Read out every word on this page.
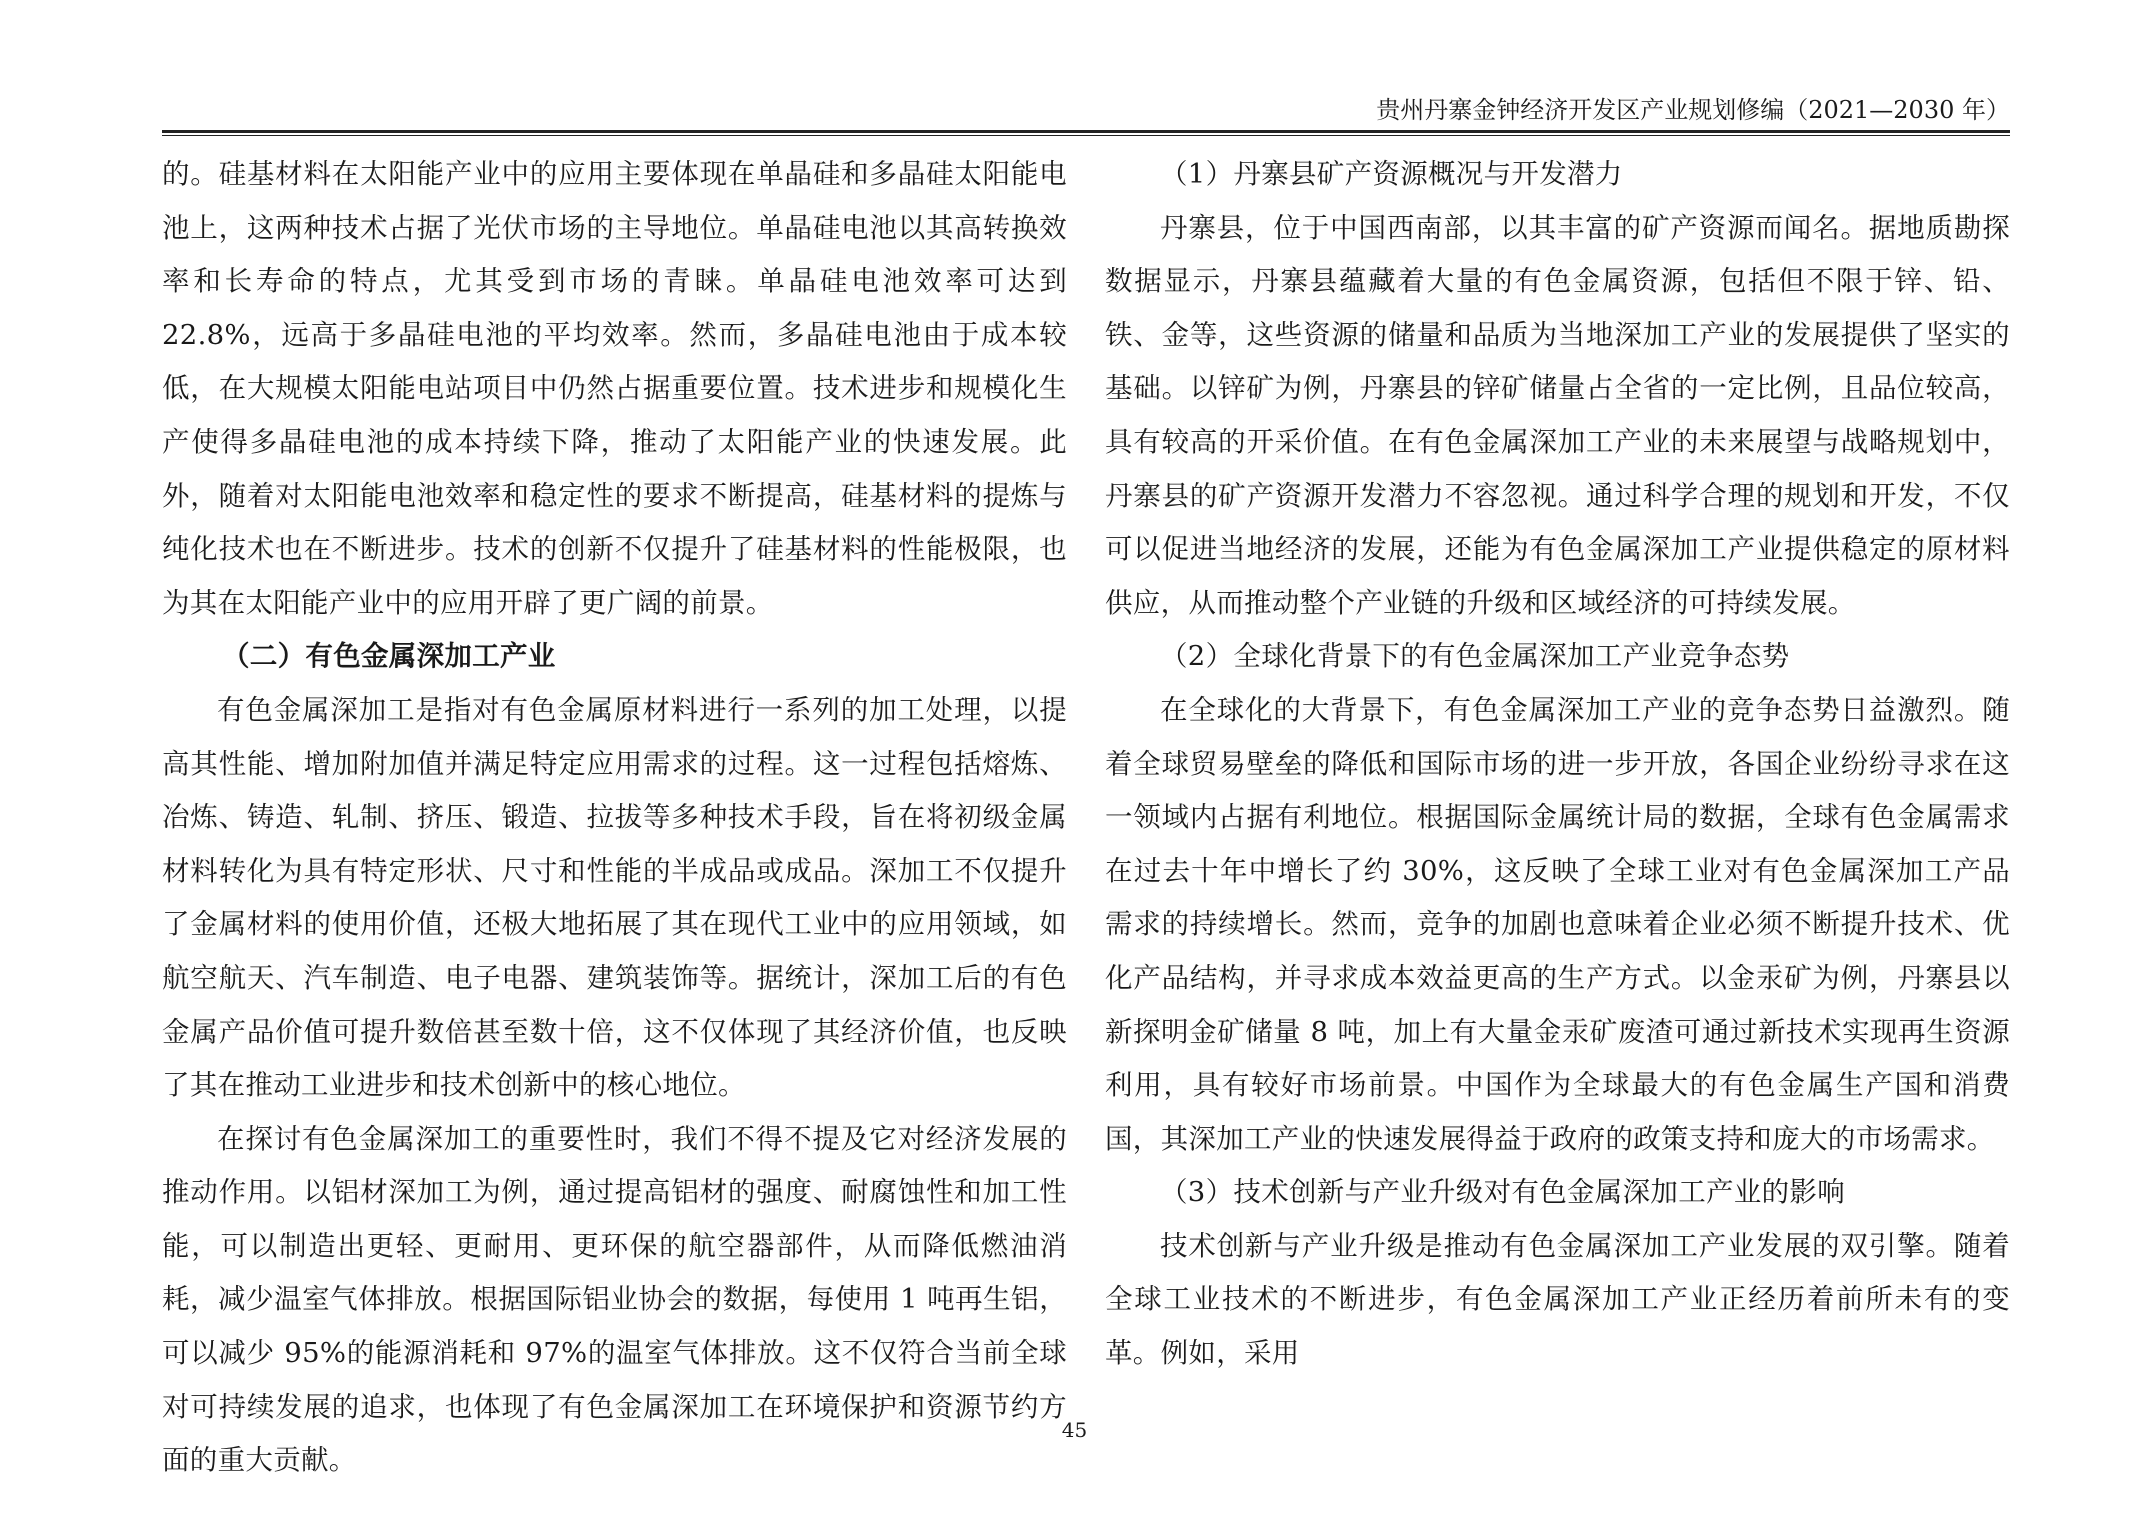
贵州丹寨金钟经济开发区产业规划修编（2021—2030 年）

的。硅基材料在太阳能产业中的应用主要体现在单晶硅和多晶硅太阳能电池上，这两种技术占据了光伏市场的主导地位。单晶硅电池以其高转换效率和长寿命的特点，尤其受到市场的青睐。单晶硅电池效率可达到 22.8%，远高于多晶硅电池的平均效率。然而，多晶硅电池由于成本较低，在大规模太阳能电站项目中仍然占据重要位置。技术进步和规模化生产使得多晶硅电池的成本持续下降，推动了太阳能产业的快速发展。此外，随着对太阳能电池效率和稳定性的要求不断提高，硅基材料的提炼与纯化技术也在不断进步。技术的创新不仅提升了硅基材料的性能极限，也为其在太阳能产业中的应用开辟了更广阔的前景。

（二）有色金属深加工产业

有色金属深加工是指对有色金属原材料进行一系列的加工处理，以提高其性能、增加附加值并满足特定应用需求的过程。这一过程包括熔炼、冶炼、铸造、轧制、挤压、锻造、拉拔等多种技术手段，旨在将初级金属材料转化为具有特定形状、尺寸和性能的半成品或成品。深加工不仅提升了金属材料的使用价值，还极大地拓展了其在现代工业中的应用领域，如航空航天、汽车制造、电子电器、建筑装饰等。据统计，深加工后的有色金属产品价值可提升数倍甚至数十倍，这不仅体现了其经济价值，也反映了其在推动工业进步和技术创新中的核心地位。

在探讨有色金属深加工的重要性时，我们不得不提及它对经济发展的推动作用。以铝材深加工为例，通过提高铝材的强度、耐腐蚀性和加工性能，可以制造出更轻、更耐用、更环保的航空器部件，从而降低燃油消耗，减少温室气体排放。根据国际铝业协会的数据，每使用 1 吨再生铝，可以减少 95%的能源消耗和 97%的温室气体排放。这不仅符合当前全球对可持续发展的追求，也体现了有色金属深加工在环境保护和资源节约方面的重大贡献。

（1）丹寨县矿产资源概况与开发潜力

丹寨县，位于中国西南部，以其丰富的矿产资源而闻名。据地质勘探数据显示，丹寨县蕴藏着大量的有色金属资源，包括但不限于锌、铅、铁、金等，这些资源的储量和品质为当地深加工产业的发展提供了坚实的基础。以锌矿为例，丹寨县的锌矿储量占全省的一定比例，且品位较高，具有较高的开采价值。在有色金属深加工产业的未来展望与战略规划中，丹寨县的矿产资源开发潜力不容忽视。通过科学合理的规划和开发，不仅可以促进当地经济的发展，还能为有色金属深加工产业提供稳定的原材料供应，从而推动整个产业链的升级和区域经济的可持续发展。

（2）全球化背景下的有色金属深加工产业竞争态势

在全球化的大背景下，有色金属深加工产业的竞争态势日益激烈。随着全球贸易壁垒的降低和国际市场的进一步开放，各国企业纷纷寻求在这一领域内占据有利地位。根据国际金属统计局的数据，全球有色金属需求在过去十年中增长了约 30%，这反映了全球工业对有色金属深加工产品需求的持续增长。然而，竞争的加剧也意味着企业必须不断提升技术、优化产品结构，并寻求成本效益更高的生产方式。以金汞矿为例，丹寨县以新探明金矿储量 8 吨，加上有大量金汞矿废渣可通过新技术实现再生资源利用，具有较好市场前景。中国作为全球最大的有色金属生产国和消费国，其深加工产业的快速发展得益于政府的政策支持和庞大的市场需求。

（3）技术创新与产业升级对有色金属深加工产业的影响

技术创新与产业升级是推动有色金属深加工产业发展的双引擎。随着全球工业技术的不断进步，有色金属深加工产业正经历着前所未有的变革。例如，采用

45
